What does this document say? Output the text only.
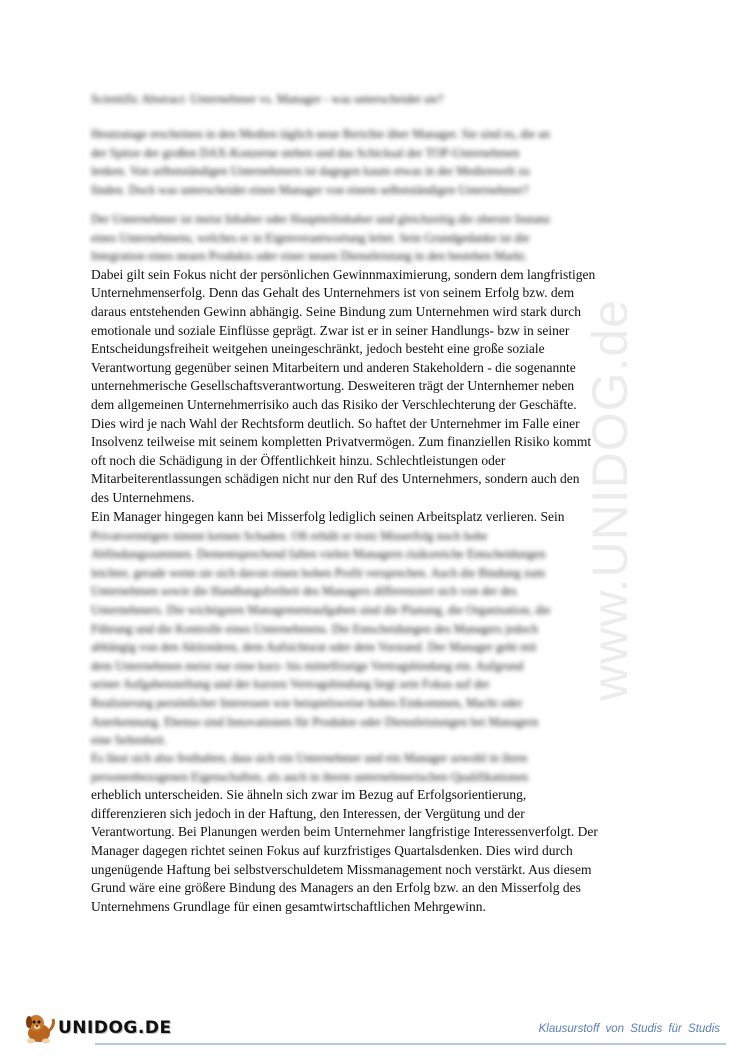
www.UNIDOG.de
Scientific Abstract: Unternehmer vs. Manager - was unterscheidet sie?
Heutzutage erscheinen in den Medien täglich neue Berichte über Manager. Sie sind es, die an
der Spitze der großen DAX-Konzerne stehen und das Schicksal der TOP-Unternehmen
lenken. Von selbstständigen Unternehmern ist dagegen kaum etwas in der Medienwelt zu
finden. Doch was unterscheidet einen Manager von einem selbstständigen Unternehmer?
Der Unternehmer ist meist Inhaber oder Hauptteilinhaber und gleichzeitig die oberste Instanz
eines Unternehmens, welches er in Eigenverantwortung leitet. Sein Grundgedanke ist die
Integration eines neuen Produkts oder einer neuen Dienstleistung in den bestehen Markt.
Dabei gilt sein Fokus nicht der persönlichen Gewinnmaximierung, sondern dem langfristigen
Unternehmenserfolg. Denn das Gehalt des Unternehmers ist von seinem Erfolg bzw. dem
daraus entstehenden Gewinn abhängig. Seine Bindung zum Unternehmen wird stark durch
emotionale und soziale Einflüsse geprägt. Zwar ist er in seiner Handlungs- bzw in seiner
Entscheidungsfreiheit weitgehen uneingeschränkt, jedoch besteht eine große soziale
Verantwortung gegenüber seinen Mitarbeitern und anderen Stakeholdern - die sogenannte
unternehmerische Gesellschaftsverantwortung. Desweiteren trägt der Unternhemer neben
dem allgemeinen Unternehmerrisiko auch das Risiko der Verschlechterung der Geschäfte.
Dies wird je nach Wahl der Rechtsform deutlich. So haftet der Unternehmer im Falle einer
Insolvenz teilweise mit seinem kompletten Privatvermögen. Zum finanziellen Risiko kommt
oft noch die Schädigung in der Öffentlichkeit hinzu. Schlechtleistungen oder
Mitarbeiterentlassungen schädigen nicht nur den Ruf des Unternehmers, sondern auch den
des Unternehmens.
Ein Manager hingegen kann bei Misserfolg lediglich seinen Arbeitsplatz verlieren. Sein
Privatvermögen nimmt keinen Schaden. Oft erhält er trotz Misserfolg noch hohe
Abfindungssummen. Dementsprechend fallen vielen Managern risikoreiche Entscheidungen
leichter, gerade wenn sie sich davon einen hohen Profit versprechen. Auch die Bindung zum
Unternehmen sowie die Handlungsfreiheit des Managers differenziert sich von der des
Unternehmers. Die wichtigsten Managementaufgaben sind die Planung, die Organisation, die
Führung und die Kontrolle eines Unternehmens. Die Entscheidungen des Managers jedoch
abhängig von den Aktionären, dem Aufsichtsrat oder dem Vorstand. Der Manager geht mit
dem Unternehmen meist nur eine kurz- bis mittelfristige Vertragsbindung ein. Aufgrund
seiner Aufgabenstellung und der kurzen Vertragsbindung liegt sein Fokus auf der
Realisierung persönlicher Interessen wie beispielsweise hohes Einkommen, Macht oder
Anerkennung. Ebenso sind Innovationen für Produkte oder Dienstleistungen bei Managern
eine Seltenheit.
Es lässt sich also festhalten, dass sich ein Unternehmer und ein Manager sowohl in ihren
personenbezogenen Eigenschaften, als auch in ihrem unternehmerischen Qualifikationen
erheblich unterscheiden. Sie ähneln sich zwar im Bezug auf Erfolgsorientierung,
differenzieren sich jedoch in der Haftung, den Interessen, der Vergütung und der
Verantwortung. Bei Planungen werden beim Unternehmer langfristige Interessenverfolgt. Der
Manager dagegen richtet seinen Fokus auf kurzfristiges Quartalsdenken. Dies wird durch
ungenügende Haftung bei selbstverschuldetem Missmanagement noch verstärkt. Aus diesem
Grund wäre eine größere Bindung des Managers an den Erfolg bzw. an den Misserfolg des
Unternehmens Grundlage für einen gesamtwirtschaftlichen Mehrgewinn.
UNIDOG.DE	Klausurstoff von Studis für Studis
